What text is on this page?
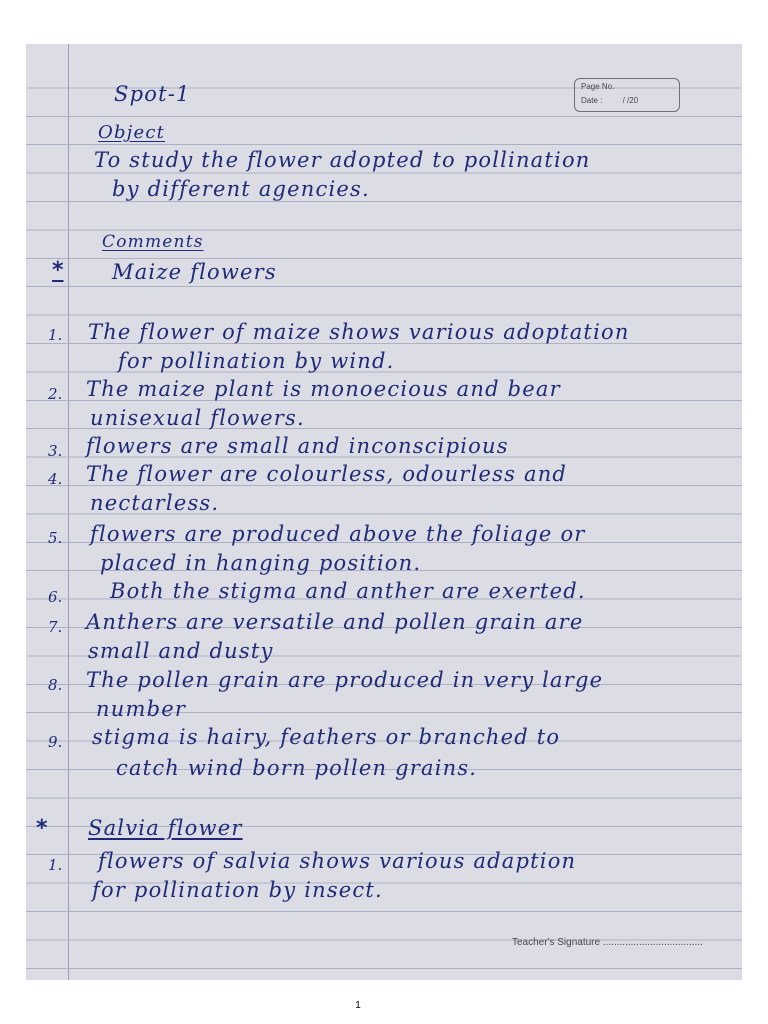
Page No.
Date :	/ /20
Spot-1
Object
To study the flower adopted to pollination
by different agencies.
Comments
* Maize flowers
1. The flower of maize shows various adoptation
for pollination by wind.
2. The maize plant is monoecious and bear
unisexual flowers.
3. flowers are small and inconscipious
4. The flower are colourless, odourless and
nectarless.
5. flowers are produced above the foliage or
placed in hanging position.
6. Both the stigma and anther are exerted.
7. Anthers are versatile and pollen grain are
small and dusty
8. The pollen grain are produced in very large
number
9. stigma is hairy, feathers or branched to
catch wind born pollen grains.
* Salvia flower
1. flowers of salvia shows various adaption
for pollination by insect.
Teacher's Signature ....................................
1
